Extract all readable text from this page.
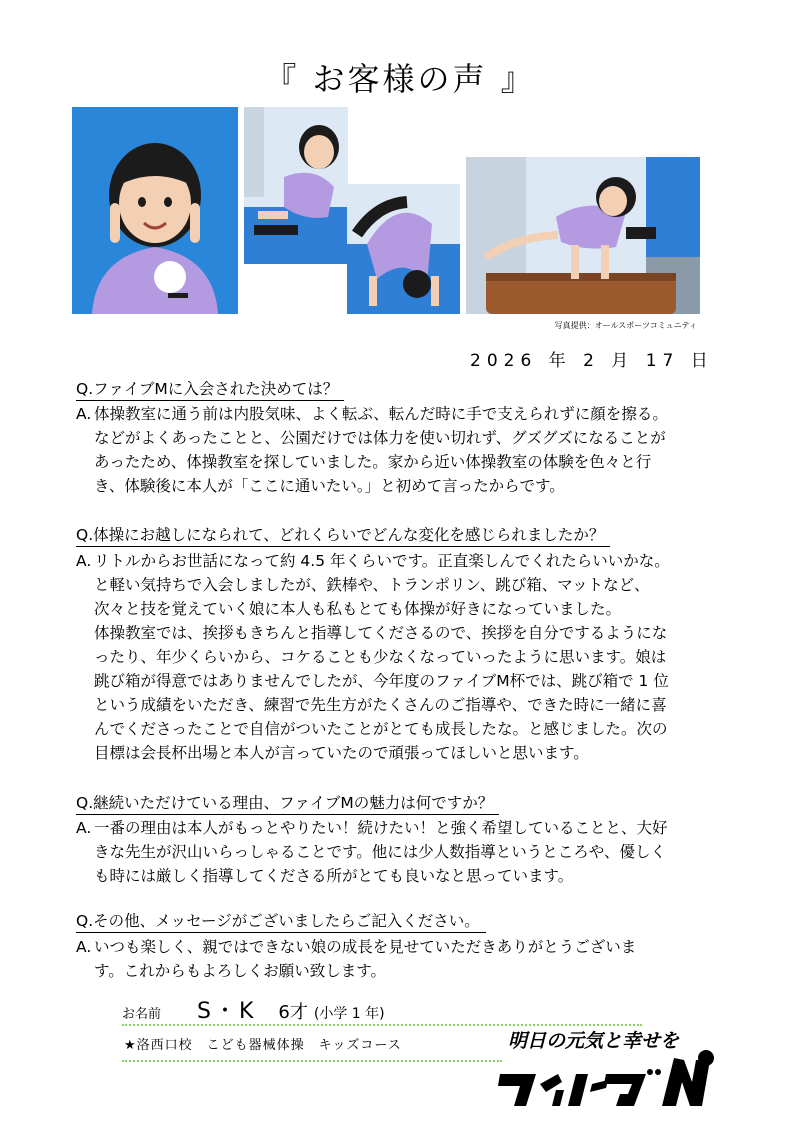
『 お客様の声 』
写真提供：オールスポーツコミュニティ
2026 年 2 月 17 日
Q.ファイブMに入会された決めては？
A. 体操教室に通う前は内股気味、よく転ぶ、転んだ時に手で支えられずに顔を擦る。
などがよくあったことと、公園だけでは体力を使い切れず、グズグズになることが
あったため、体操教室を探していました。家から近い体操教室の体験を色々と行
き、体験後に本人が「ここに通いたい。」と初めて言ったからです。
Q.体操にお越しになられて、どれくらいでどんな変化を感じられましたか？
A. リトルからお世話になって約 4.5 年くらいです。正直楽しんでくれたらいいかな。
と軽い気持ちで入会しましたが、鉄棒や、トランポリン、跳び箱、マットなど、
次々と技を覚えていく娘に本人も私もとても体操が好きになっていました。
体操教室では、挨拶もきちんと指導してくださるので、挨拶を自分でするようにな
ったり、年少くらいから、コケることも少なくなっていったように思います。娘は
跳び箱が得意ではありませんでしたが、今年度のファイブM杯では、跳び箱で 1 位
という成績をいただき、練習で先生方がたくさんのご指導や、できた時に一緒に喜
んでくださったことで自信がついたことがとても成長したな。と感じました。次の
目標は会長杯出場と本人が言っていたので頑張ってほしいと思います。
Q.継続いただけている理由、ファイブMの魅力は何ですか？
A. 一番の理由は本人がもっとやりたい！続けたい！と強く希望していることと、大好
きな先生が沢山いらっしゃることです。他には少人数指導というところや、優しく
も時には厳しく指導してくださる所がとても良いなと思っています。
Q.その他、メッセージがございましたらご記入ください。
A. いつも楽しく、親ではできない娘の成長を見せていただきありがとうございま
す。これからもよろしくお願い致します。
お名前 S・K 6才 (小学 1 年)
★洛西口校　こども器械体操　キッズコース	明日の元気と幸せを
